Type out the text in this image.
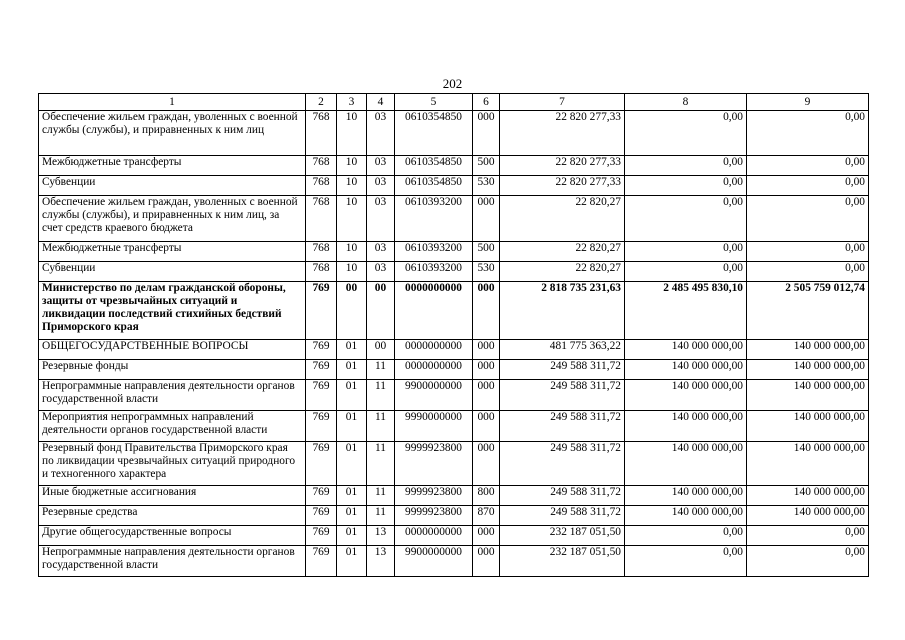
202
1	2	3	4	5	6	7	8	9
Обеспечение жильем граждан, уволенных с военной службы (службы), и приравненных к ним лиц	768	10	03	0610354850	000	22 820 277,33	0,00	0,00
Межбюджетные трансферты	768	10	03	0610354850	500	22 820 277,33	0,00	0,00
Субвенции	768	10	03	0610354850	530	22 820 277,33	0,00	0,00
Обеспечение жильем граждан, уволенных с военной службы (службы), и приравненных к ним лиц, за счет средств краевого бюджета	768	10	03	0610393200	000	22 820,27	0,00	0,00
Межбюджетные трансферты	768	10	03	0610393200	500	22 820,27	0,00	0,00
Субвенции	768	10	03	0610393200	530	22 820,27	0,00	0,00
Министерство по делам гражданской обороны, защиты от чрезвычайных ситуаций и ликвидации последствий стихийных бедствий Приморского края	769	00	00	0000000000	000	2 818 735 231,63	2 485 495 830,10	2 505 759 012,74
ОБЩЕГОСУДАРСТВЕННЫЕ ВОПРОСЫ	769	01	00	0000000000	000	481 775 363,22	140 000 000,00	140 000 000,00
Резервные фонды	769	01	11	0000000000	000	249 588 311,72	140 000 000,00	140 000 000,00
Непрограммные направления деятельности органов государственной власти	769	01	11	9900000000	000	249 588 311,72	140 000 000,00	140 000 000,00
Мероприятия непрограммных направлений деятельности органов государственной власти	769	01	11	9990000000	000	249 588 311,72	140 000 000,00	140 000 000,00
Резервный фонд Правительства Приморского края по ликвидации чрезвычайных ситуаций природного и техногенного характера	769	01	11	9999923800	000	249 588 311,72	140 000 000,00	140 000 000,00
Иные бюджетные ассигнования	769	01	11	9999923800	800	249 588 311,72	140 000 000,00	140 000 000,00
Резервные средства	769	01	11	9999923800	870	249 588 311,72	140 000 000,00	140 000 000,00
Другие общегосударственные вопросы	769	01	13	0000000000	000	232 187 051,50	0,00	0,00
Непрограммные направления деятельности органов государственной власти	769	01	13	9900000000	000	232 187 051,50	0,00	0,00
